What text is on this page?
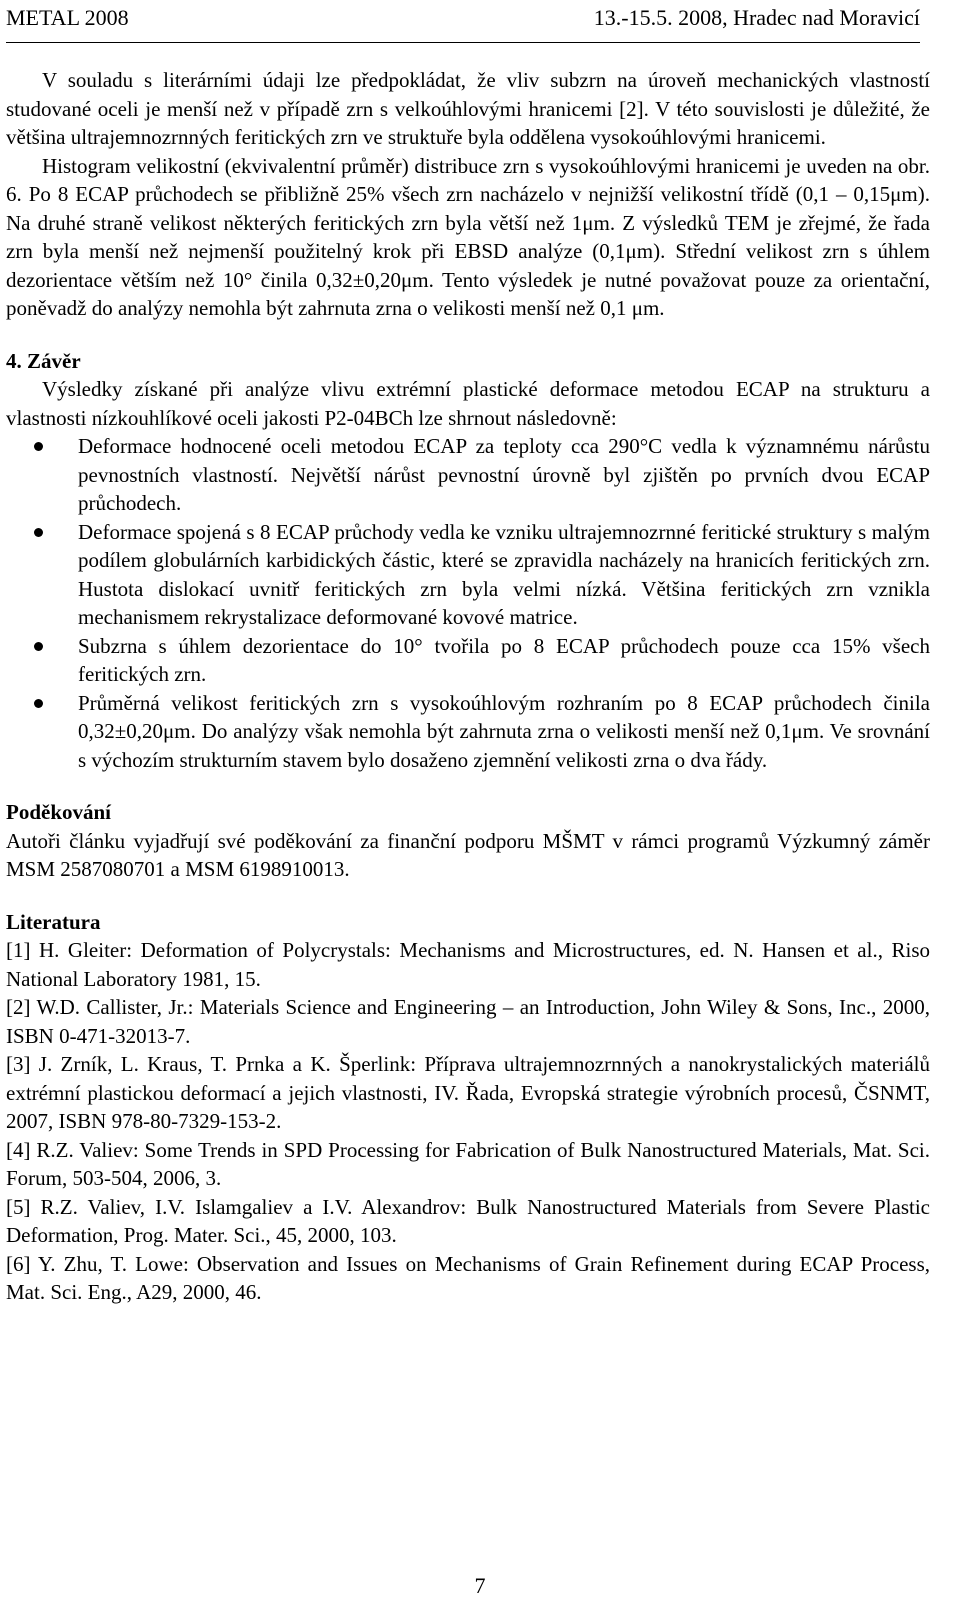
METAL 2008	13.-15.5. 2008, Hradec nad Moravicí

V souladu s literárními údaji lze předpokládat, že vliv subzrn na úroveň mechanických vlastností studované oceli je menší než v případě zrn s velkoúhlovými hranicemi [2]. V této souvislosti je důležité, že většina ultrajemnozrnných feritických zrn ve struktuře byla oddělena vysokoúhlovými hranicemi.

Histogram velikostní (ekvivalentní průměr) distribuce zrn s vysokoúhlovými hranicemi je uveden na obr. 6. Po 8 ECAP průchodech se přibližně 25% všech zrn nacházelo v nejnižší velikostní třídě (0,1 – 0,15μm). Na druhé straně velikost některých feritických zrn byla větší než 1μm. Z výsledků TEM je zřejmé, že řada zrn byla menší než nejmenší použitelný krok při EBSD analýze (0,1μm). Střední velikost zrn s úhlem dezorientace větším než 10° činila 0,32±0,20μm. Tento výsledek je nutné považovat pouze za orientační, poněvadž do analýzy nemohla být zahrnuta zrna o velikosti menší než 0,1 μm.

4. Závěr

Výsledky získané při analýze vlivu extrémní plastické deformace metodou ECAP na strukturu a vlastnosti nízkouhlíkové oceli jakosti P2-04BCh lze shrnout následovně:

Deformace hodnocené oceli metodou ECAP za teploty cca 290°C vedla k významnému nárůstu pevnostních vlastností. Největší nárůst pevnostní úrovně byl zjištěn po prvních dvou ECAP průchodech.
Deformace spojená s 8 ECAP průchody vedla ke vzniku ultrajemnozrnné feritické struktury s malým podílem globulárních karbidických částic, které se zpravidla nacházely na hranicích feritických zrn. Hustota dislokací uvnitř feritických zrn byla velmi nízká. Většina feritických zrn vznikla mechanismem rekrystalizace deformované kovové matrice.
Subzrna s úhlem dezorientace do 10° tvořila po 8 ECAP průchodech pouze cca 15% všech feritických zrn.
Průměrná velikost feritických zrn s vysokoúhlovým rozhraním po 8 ECAP průchodech činila 0,32±0,20μm. Do analýzy však nemohla být zahrnuta zrna o velikosti menší než 0,1μm. Ve srovnání s výchozím strukturním stavem bylo dosaženo zjemnění velikosti zrna o dva řády.

Poděkování

Autoři článku vyjadřují své poděkování za finanční podporu MŠMT v rámci programů Výzkumný záměr MSM 2587080701 a MSM 6198910013.

Literatura

[1] H. Gleiter: Deformation of Polycrystals: Mechanisms and Microstructures, ed. N. Hansen et al., Riso National Laboratory 1981, 15.

[2] W.D. Callister, Jr.: Materials Science and Engineering – an Introduction, John Wiley & Sons, Inc., 2000, ISBN 0-471-32013-7.

[3] J. Zrník, L. Kraus, T. Prnka a K. Šperlink: Příprava ultrajemnozrnných a nanokrystalických materiálů extrémní plastickou deformací a jejich vlastnosti, IV. Řada, Evropská strategie výrobních procesů, ČSNMT, 2007, ISBN 978-80-7329-153-2.

[4] R.Z. Valiev: Some Trends in SPD Processing for Fabrication of Bulk Nanostructured Materials, Mat. Sci. Forum, 503-504, 2006, 3.

[5] R.Z. Valiev, I.V. Islamgaliev a I.V. Alexandrov: Bulk Nanostructured Materials from Severe Plastic Deformation, Prog. Mater. Sci., 45, 2000, 103.

[6] Y. Zhu, T. Lowe: Observation and Issues on Mechanisms of Grain Refinement during ECAP Process, Mat. Sci. Eng., A29, 2000, 46.

7
